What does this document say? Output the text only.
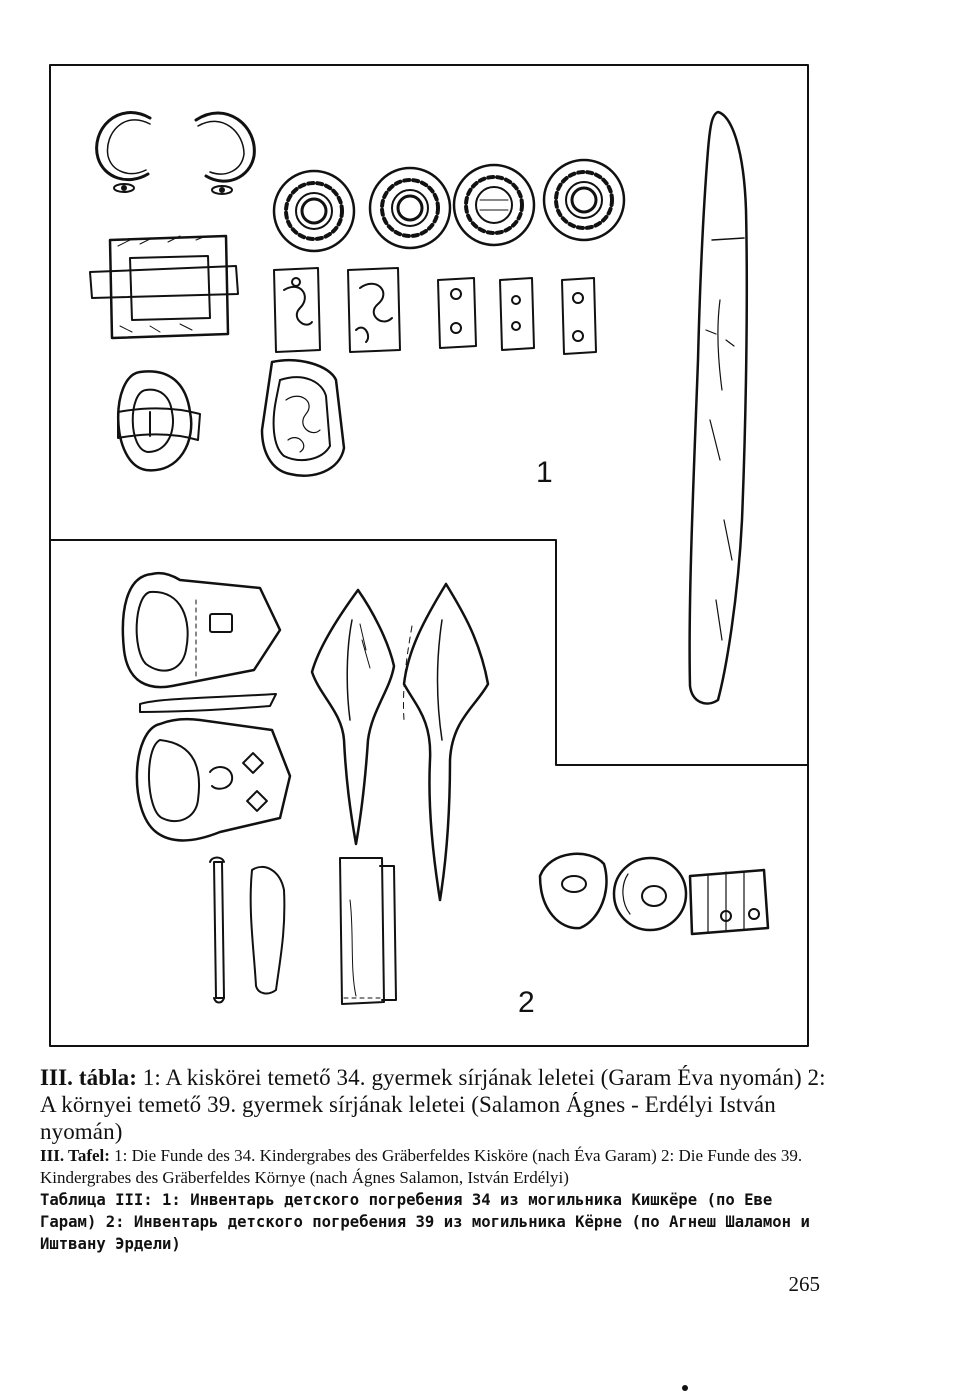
1
2

III. tábla: 1: A kiskörei temető 34. gyermek sírjának leletei (Garam Éva nyomán) 2: A környei temető 39. gyermek sírjának leletei (Salamon Ágnes - Erdélyi István nyomán)

III. Tafel: 1: Die Funde des 34. Kindergrabes des Gräberfeldes Kisköre (nach Éva Garam) 2: Die Funde des 39. Kindergrabes des Gräberfeldes Környe (nach Ágnes Salamon, István Erdélyi)

Таблица III: 1: Инвентарь детского погребения 34 из могильника Кишкёре (по Еве Гарам) 2: Инвентарь детского погребения 39 из могильника Кёрне (по Агнеш Шаламон и Иштвану Эрдели)

265
